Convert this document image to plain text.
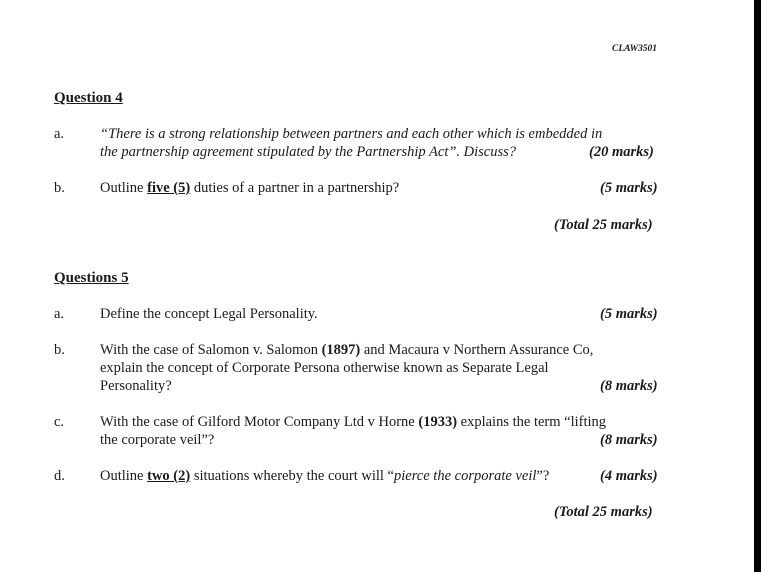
CLAW3501
Question 4
a.	“There is a strong relationship between partners and each other which is embedded in
the partnership agreement stipulated by the Partnership Act”. Discuss?	(20 marks)
b.	Outline five (5) duties of a partner in a partnership?	(5 marks)
(Total 25 marks)
Questions 5
a.	Define the concept Legal Personality.	(5 marks)
b.	With the case of Salomon v. Salomon (1897) and Macaura v Northern Assurance Co,
explain the concept of Corporate Persona otherwise known as Separate Legal
Personality?	(8 marks)
c.	With the case of Gilford Motor Company Ltd v Horne (1933) explains the term “lifting
the corporate veil”?	(8 marks)
d.	Outline two (2) situations whereby the court will “pierce the corporate veil”?	(4 marks)
(Total 25 marks)
